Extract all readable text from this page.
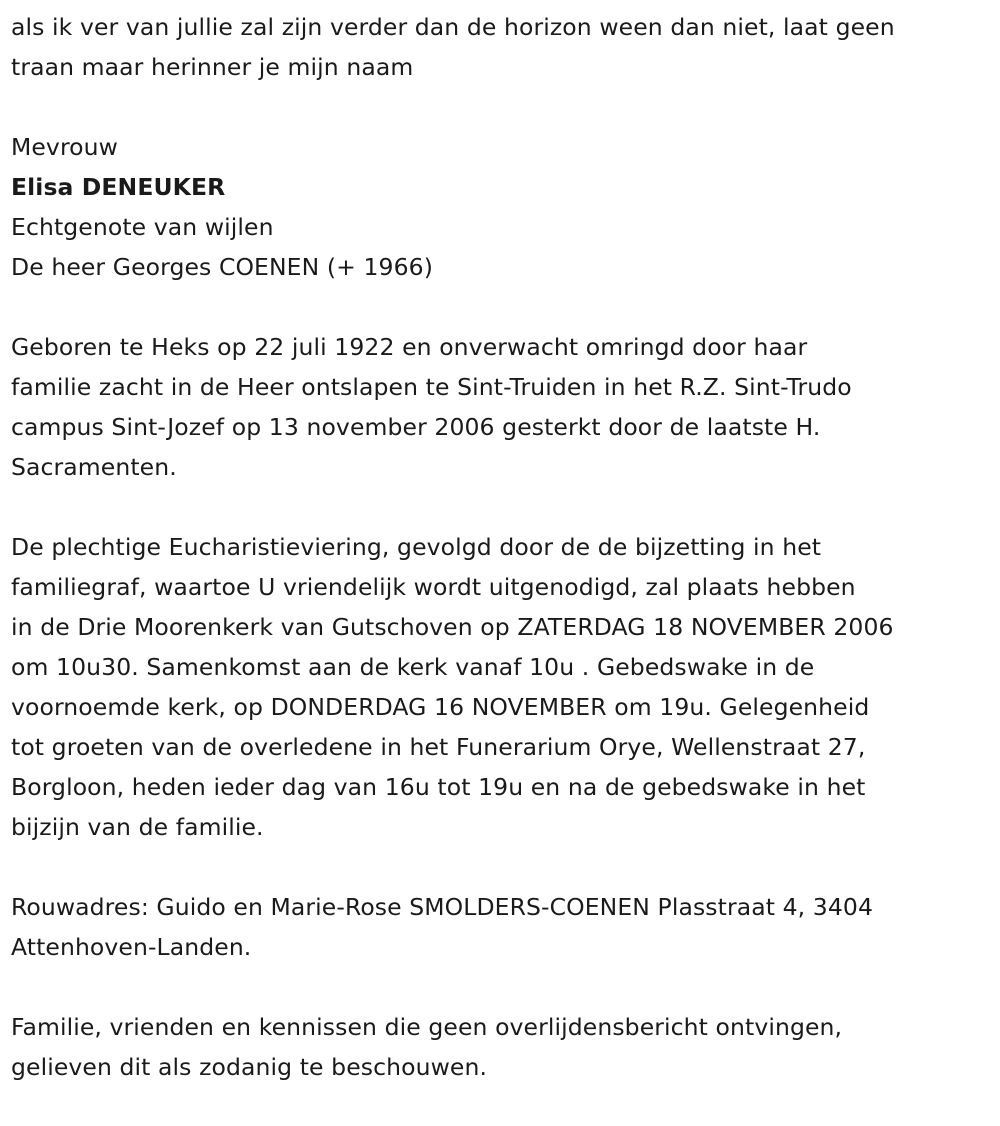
als ik ver van jullie zal zijn verder dan de horizon ween dan niet, laat geen
traan maar herinner je mijn naam

Mevrouw

Elisa DENEUKER

Echtgenote van wijlen

De heer Georges COENEN (+ 1966)

Geboren te Heks op 22 juli 1922 en onverwacht omringd door haar
familie zacht in de Heer ontslapen te Sint-Truiden in het R.Z. Sint-Trudo
campus Sint-Jozef op 13 november 2006 gesterkt door de laatste H.
Sacramenten.

De plechtige Eucharistieviering, gevolgd door de de bijzetting in het
familiegraf, waartoe U vriendelijk wordt uitgenodigd, zal plaats hebben
in de Drie Moorenkerk van Gutschoven op ZATERDAG 18 NOVEMBER 2006
om 10u30. Samenkomst aan de kerk vanaf 10u . Gebedswake in de
voornoemde kerk, op DONDERDAG 16 NOVEMBER om 19u. Gelegenheid
tot groeten van de overledene in het Funerarium Orye, Wellenstraat 27,
Borgloon, heden ieder dag van 16u tot 19u en na de gebedswake in het
bijzijn van de familie.

Rouwadres: Guido en Marie-Rose SMOLDERS-COENEN Plasstraat 4, 3404
Attenhoven-Landen.

Familie, vrienden en kennissen die geen overlijdensbericht ontvingen,
gelieven dit als zodanig te beschouwen.
